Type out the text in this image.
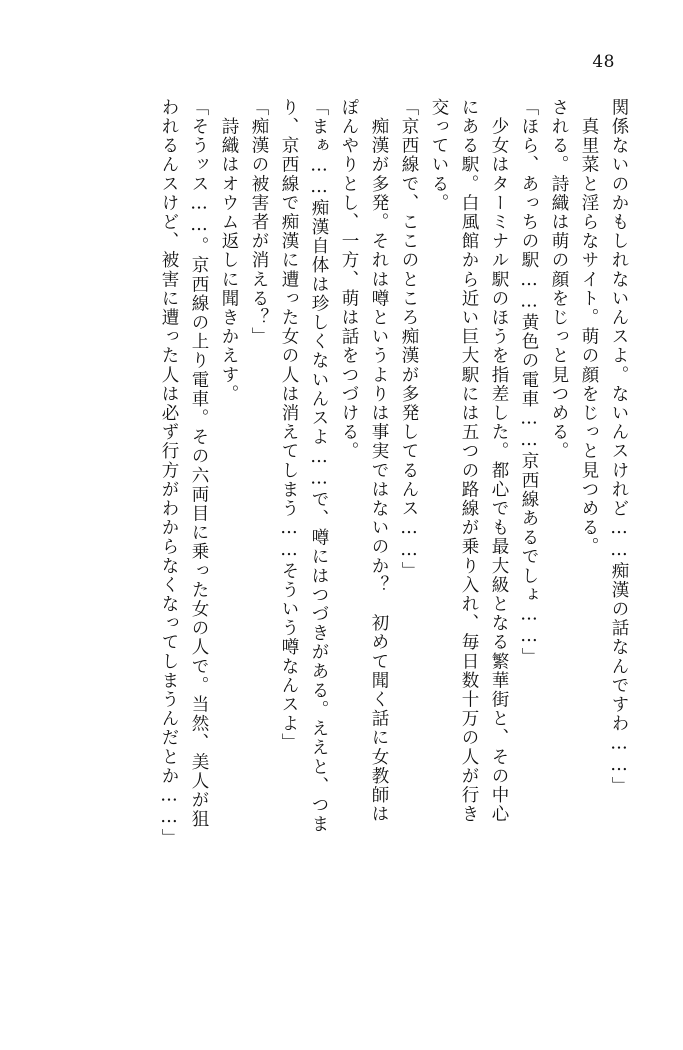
48
関係ないのかもしれないんスよ。ないんスけれど……痴漢の話なんですわ……」
　真里菜と淫らなサイト。萌の顔をじっと見つめる。
される。詩織は萌の顔をじっと見つめる。
「ほら、あっちの駅……黄色の電車……京西線あるでしょ……」
　少女はターミナル駅のほうを指差した。都心でも最大級となる繁華街と、その中心
にある駅。白風館から近い巨大駅には五つの路線が乗り入れ、毎日数十万の人が行き
交っている。
「京西線で、ここのところ痴漢が多発してるんス……」
　痴漢が多発。それは噂というよりは事実ではないのか？　初めて聞く話に女教師は
ぽんやりとし、一方、萌は話をつづける。
「まぁ……痴漢自体は珍しくないんスよ……で、噂にはつづきがある。ええと、つま
り、京西線で痴漢に遭った女の人は消えてしまう……そういう噂なんスよ」
「痴漢の被害者が消える？」
　詩織はオウム返しに聞きかえす。
「そうッス……。京西線の上り電車。その六両目に乗った女の人で。当然、美人が狙
われるんスけど、被害に遭った人は必ず行方がわからなくなってしまうんだとか……」
